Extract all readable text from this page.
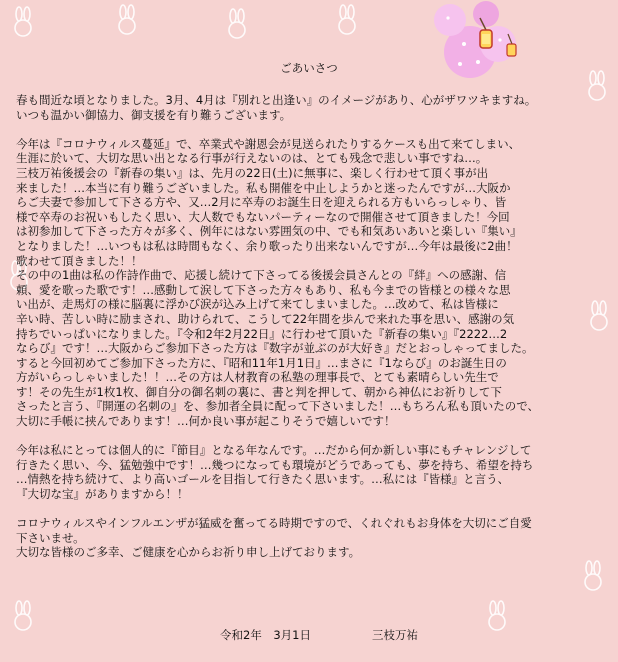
ごあいさつ
春も間近な頃となりました。3月、4月は『別れと出逢い』のイメージがあり、心がザワツキますね。
いつも温かい御協力、御支援を有り難うございます。
今年は『コロナウィルス蔓延』で、卒業式や謝恩会が見送られたりするケースも出て来てしまい、
生涯に於いて、大切な思い出となる行事が行えないのは、とても残念で悲しい事ですね…。
三枝万祐後援会の『新春の集い』は、先月の22日(土)に無事に、楽しく行わせて頂く事が出
来ました！…本当に有り難うございました。私も開催を中止しようかと迷ったんですが…大阪か
らご夫妻で参加して下さる方や、又…2月に卒寿のお誕生日を迎えられる方もいらっしゃり、皆
様で卒寿のお祝いもしたく思い、大人数でもないパーティーなので開催させて頂きました！今回
は初参加して下さった方々が多く、例年にはない雰囲気の中、でも和気あいあいと楽しい『集い』
となりました！…いつもは私は時間もなく、余り歌ったり出来ないんですが…今年は最後に2曲！
歌わせて頂きました！！
その中の1曲は私の作詩作曲で、応援し続けて下さってる後援会員さんとの『絆』への感謝、信
頼、愛を歌った歌です！…感動して涙して下さった方々もあり、私も今までの皆様との様々な思
い出が、走馬灯の様に脳裏に浮かび涙が込み上げて来てしまいました。…改めて、私は皆様に
辛い時、苦しい時に励まされ、助けられて、こうして22年間を歩んで来れた事を思い、感謝の気
持ちでいっぱいになりました。『令和2年2月22日』に行わせて頂いた『新春の集い』『2222…2
ならび』です！…大阪からご参加下さった方は『数字が並ぶのが大好き』だとおっしゃってました。
すると今回初めてご参加下さった方に、『昭和11年1月1日』…まさに『1ならび』のお誕生日の
方がいらっしゃいました！！…その方は人材教育の私塾の理事長で、とても素晴らしい先生で
す！その先生が1枚1枚、御自分の御名刺の裏に、書と判を押して、朝から神仏にお祈りして下
さったと言う、『開運の名刺の』を、参加者全員に配って下さいました！…もちろん私も頂いたので、
大切に手帳に挟んであります！…何か良い事が起こりそうで嬉しいです！
今年は私にとっては個人的に『節目』となる年なんです。…だから何か新しい事にもチャレンジして
行きたく思い、今、猛勉強中です！…幾つになっても環境がどうであっても、夢を持ち、希望を持ち
…情熱を持ち続けて、より高いゴールを目指して行きたく思います。…私には『皆様』と言う、
『大切な宝』がありますから！！
コロナウィルスやインフルエンザが猛威を奮ってる時期ですので、くれぐれもお身体を大切にご自愛
下さいませ。
大切な皆様のご多幸、ご健康を心からお祈り申し上げております。
令和2年　3月1日	三枝万祐
